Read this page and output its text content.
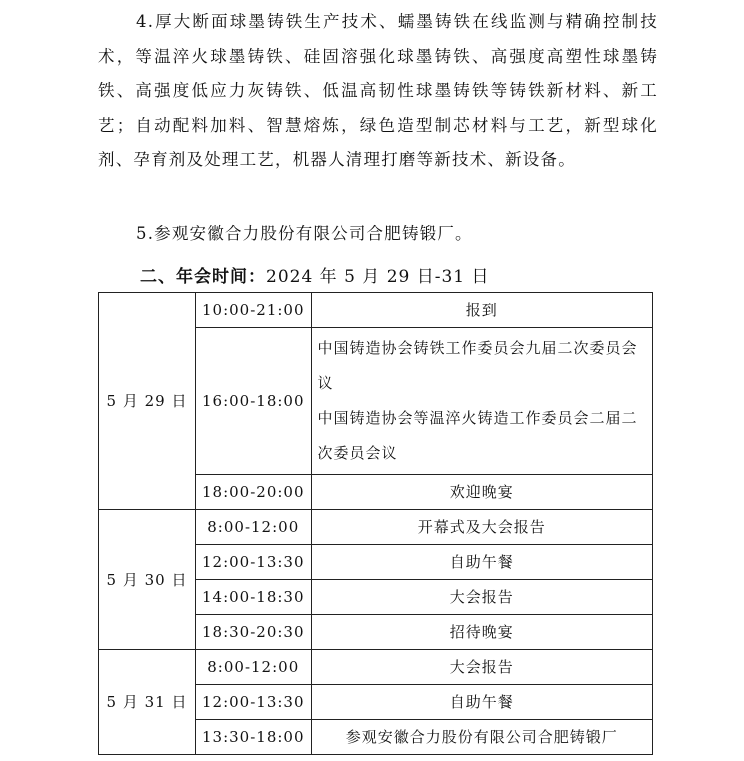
4.厚大断面球墨铸铁生产技术、蠕墨铸铁在线监测与精确控制技术，等温淬火球墨铸铁、硅固溶强化球墨铸铁、高强度高塑性球墨铸铁、高强度低应力灰铸铁、低温高韧性球墨铸铁等铸铁新材料、新工艺；自动配料加料、智慧熔炼，绿色造型制芯材料与工艺，新型球化剂、孕育剂及处理工艺，机器人清理打磨等新技术、新设备。

5.参观安徽合力股份有限公司合肥铸锻厂。

二、年会时间：2024 年 5 月 29 日-31 日
5 月 29 日	10:00-21:00	报到
	16:00-18:00	中国铸造协会铸铁工作委员会九届二次委员会议
中国铸造协会等温淬火铸造工作委员会二届二次委员会议

	18:00-20:00	欢迎晚宴
5 月 30 日	8:00-12:00	开幕式及大会报告
	12:00-13:30	自助午餐
	14:00-18:30	大会报告
	18:30-20:30	招待晚宴
5 月 31 日	8:00-12:00	大会报告
	12:00-13:30	自助午餐
	13:30-18:00	参观安徽合力股份有限公司合肥铸锻厂
